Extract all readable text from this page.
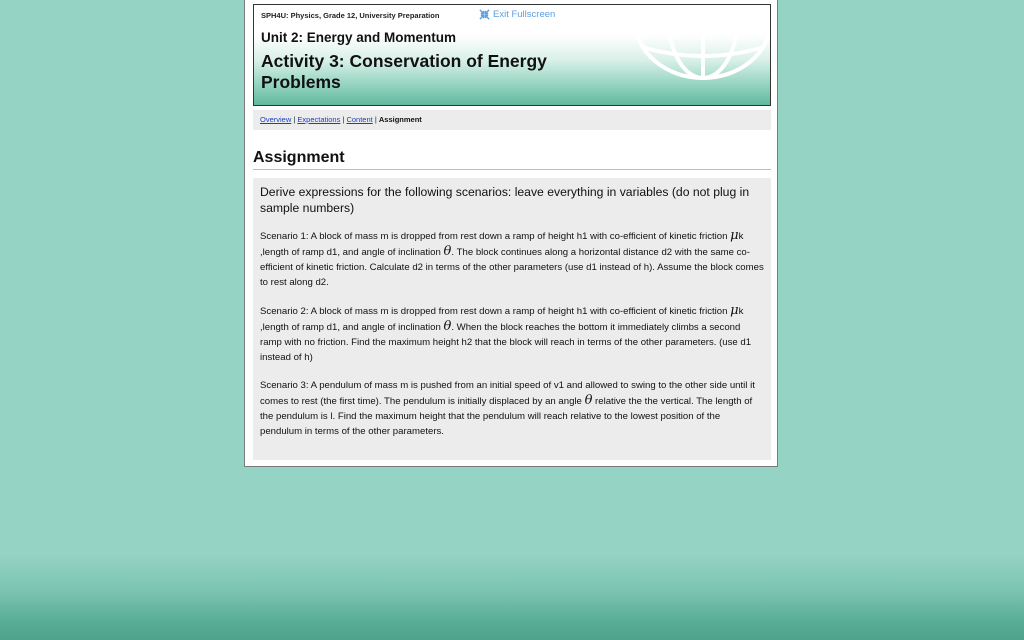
SPH4U: Physics, Grade 12, University Preparation	Exit Fullscreen
Unit 2: Energy and Momentum
Activity 3: Conservation of Energy Problems
Overview | Expectations | Content | Assignment
Assignment

Derive expressions for the following scenarios: leave everything in variables (do not plug in sample numbers)

Scenario 1: A block of mass m is dropped from rest down a ramp of height h1 with co-efficient of kinetic friction μk ,length of ramp d1, and angle of inclination θ. The block continues along a horizontal distance d2 with the same co-efficient of kinetic friction. Calculate d2 in terms of the other parameters (use d1 instead of h). Assume the block comes to rest along d2.

Scenario 2: A block of mass m is dropped from rest down a ramp of height h1 with co-efficient of kinetic friction μk ,length of ramp d1, and angle of inclination θ. When the block reaches the bottom it immediately climbs a second ramp with no friction. Find the maximum height h2 that the block will reach in terms of the other parameters. (use d1 instead of h)

Scenario 3: A pendulum of mass m is pushed from an initial speed of v1 and allowed to swing to the other side until it comes to rest (the first time). The pendulum is initially displaced by an angle θ relative the the vertical. The length of the pendulum is l. Find the maximum height that the pendulum will reach relative to the lowest position of the pendulum in terms of the other parameters.
